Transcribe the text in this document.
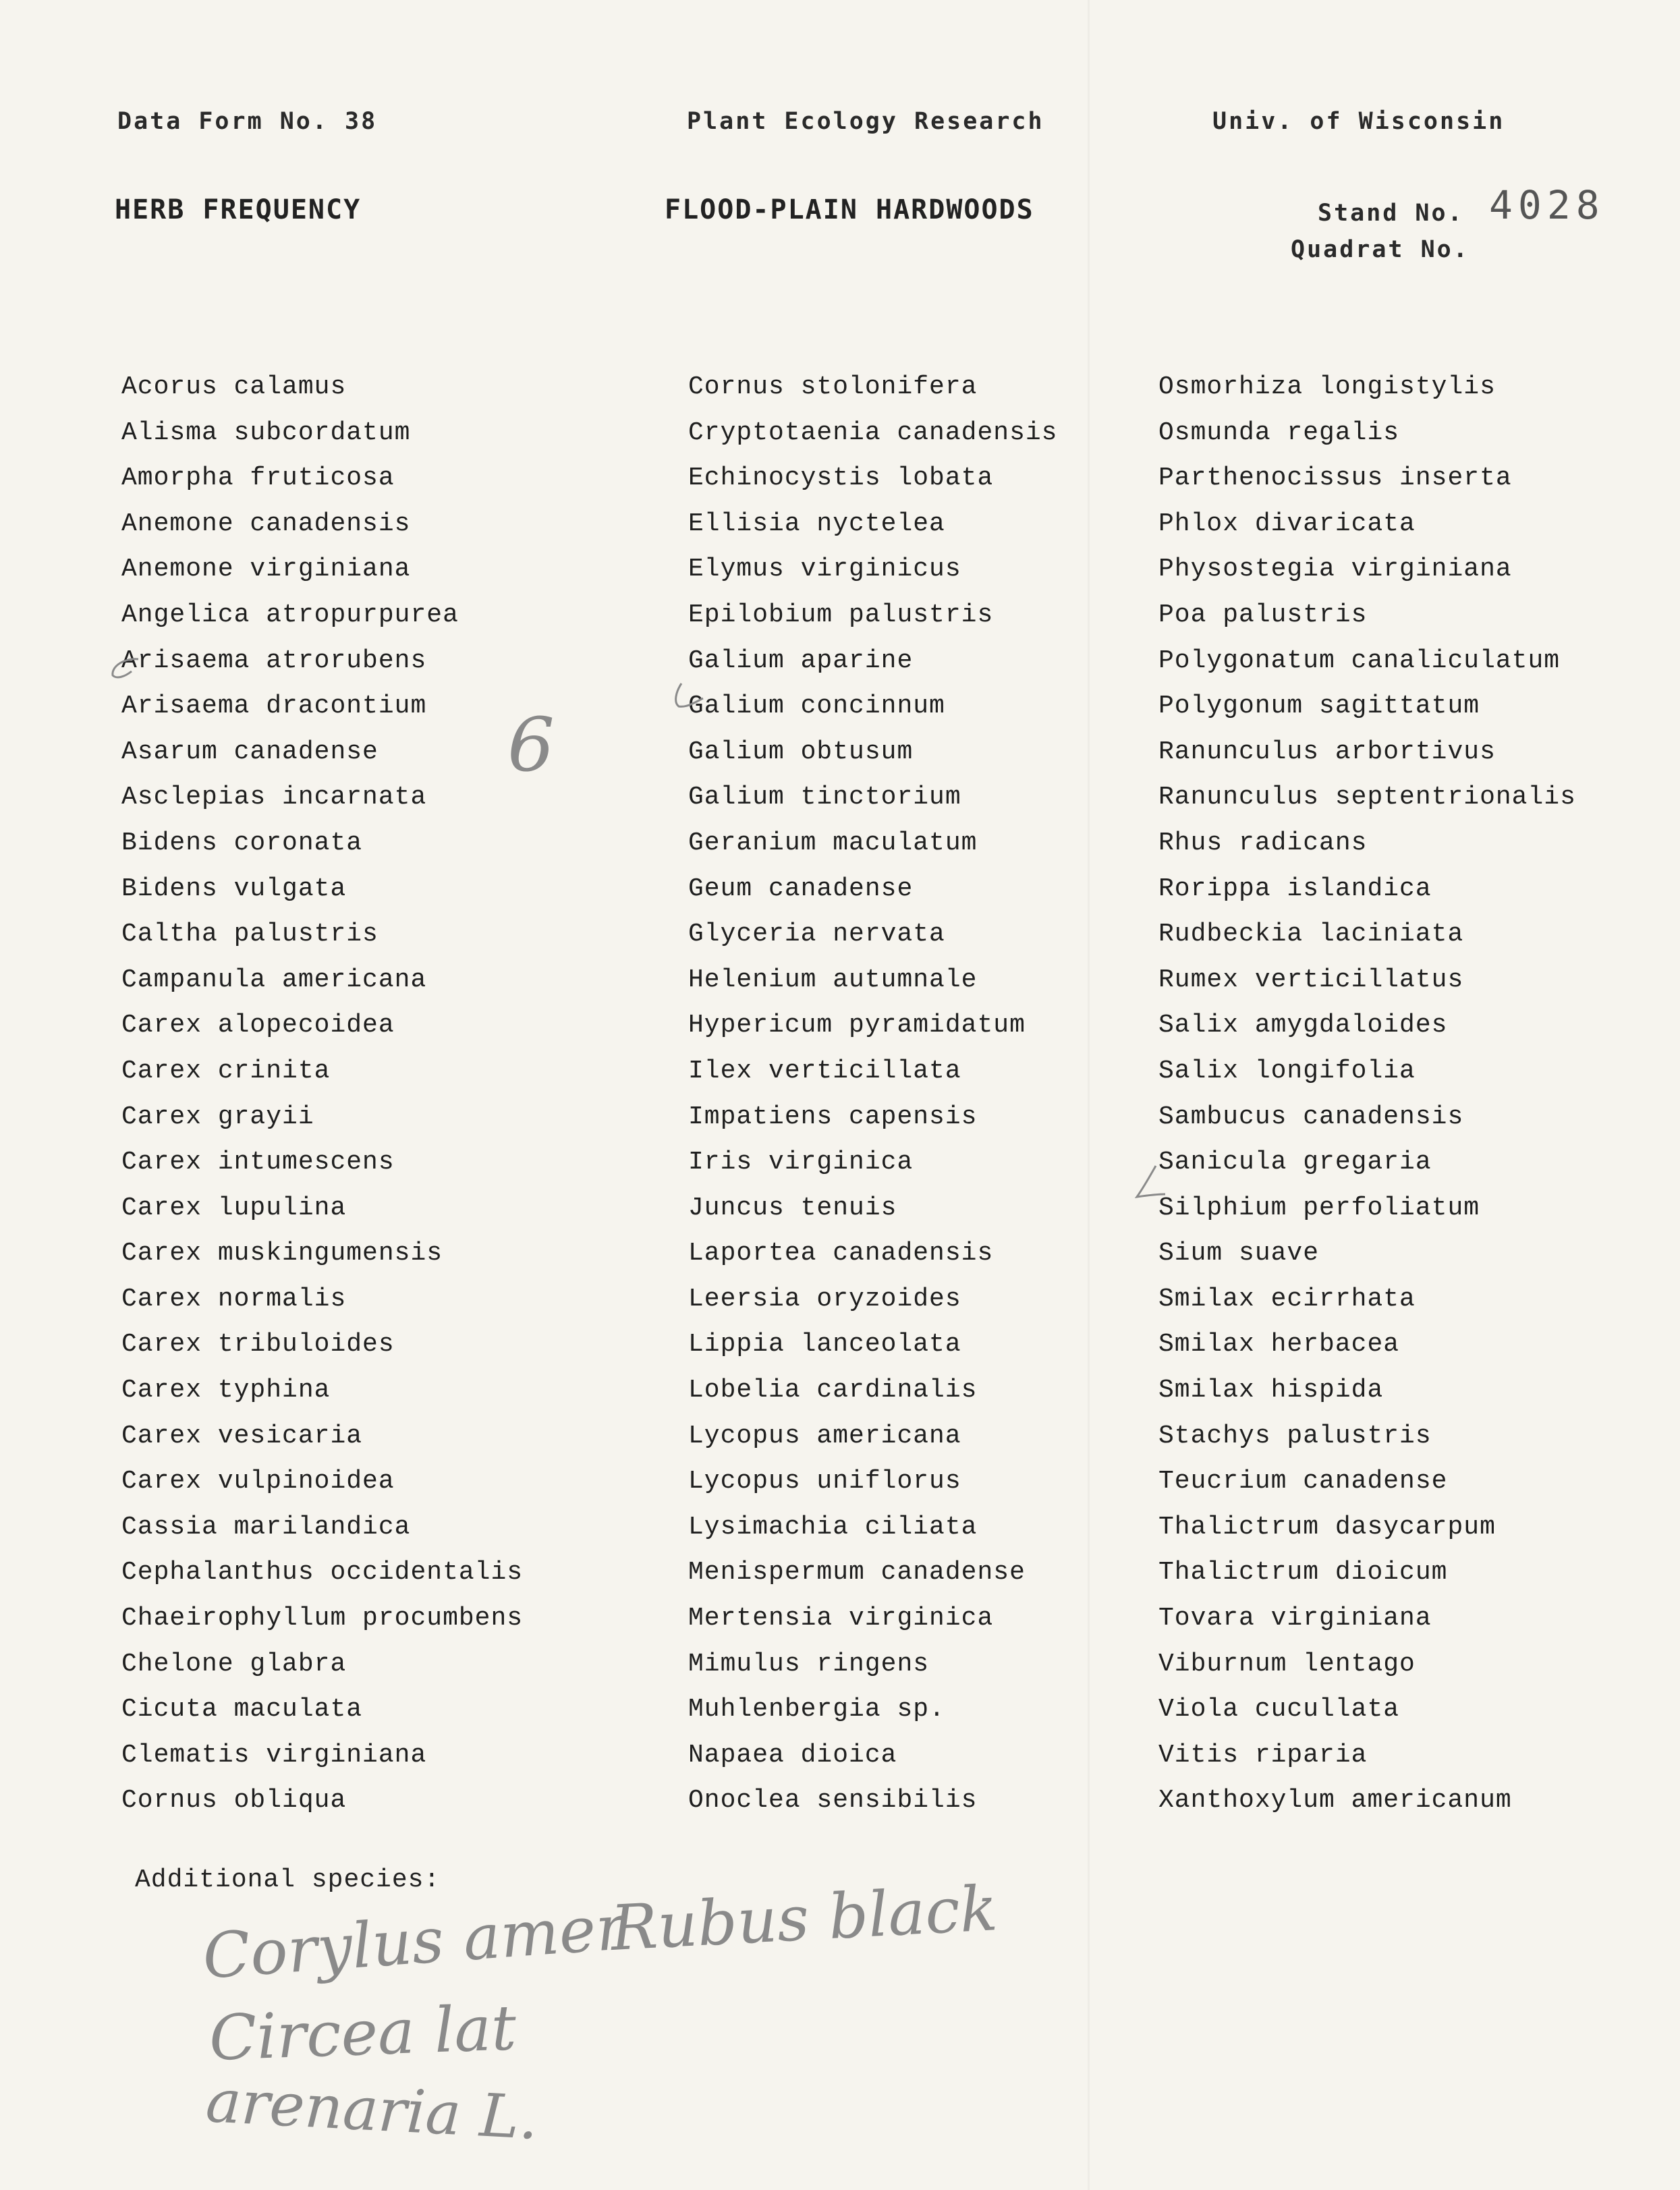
Data Form No. 38	Plant Ecology Research	Univ. of Wisconsin
HERB FREQUENCY	FLOOD-PLAIN HARDWOODS	Stand No. 4028
Quadrat No.
Acorus calamus
Alisma subcordatum
Amorpha fruticosa
Anemone canadensis
Anemone virginiana
Angelica atropurpurea
Arisaema atrorubens
Arisaema dracontium
Asarum canadense
Asclepias incarnata
Bidens coronata
Bidens vulgata
Caltha palustris
Campanula americana
Carex alopecoidea
Carex crinita
Carex grayii
Carex intumescens
Carex lupulina
Carex muskingumensis
Carex normalis
Carex tribuloides
Carex typhina
Carex vesicaria
Carex vulpinoidea
Cassia marilandica
Cephalanthus occidentalis
Chaeirophyllum procumbens
Chelone glabra
Cicuta maculata
Clematis virginiana
Cornus obliqua
Cornus stolonifera
Cryptotaenia canadensis
Echinocystis lobata
Ellisia nyctelea
Elymus virginicus
Epilobium palustris
Galium aparine
Galium concinnum
Galium obtusum
Galium tinctorium
Geranium maculatum
Geum canadense
Glyceria nervata
Helenium autumnale
Hypericum pyramidatum
Ilex verticillata
Impatiens capensis
Iris virginica
Juncus tenuis
Laportea canadensis
Leersia oryzoides
Lippia lanceolata
Lobelia cardinalis
Lycopus americana
Lycopus uniflorus
Lysimachia ciliata
Menispermum canadense
Mertensia virginica
Mimulus ringens
Muhlenbergia sp.
Napaea dioica
Onoclea sensibilis
Osmorhiza longistylis
Osmunda regalis
Parthenocissus inserta
Phlox divaricata
Physostegia virginiana
Poa palustris
Polygonatum canaliculatum
Polygonum sagittatum
Ranunculus arbortivus
Ranunculus septentrionalis
Rhus radicans
Rorippa islandica
Rudbeckia laciniata
Rumex verticillatus
Salix amygdaloides
Salix longifolia
Sambucus canadensis
Sanicula gregaria
Silphium perfoliatum
Sium suave
Smilax ecirrhata
Smilax herbacea
Smilax hispida
Stachys palustris
Teucrium canadense
Thalictrum dasycarpum
Thalictrum dioicum
Tovara virginiana
Viburnum lentago
Viola cucullata
Vitis riparia
Xanthoxylum americanum
Additional species:
6
Corylus amer
Rubus black
Circea lat
arenaria L.
